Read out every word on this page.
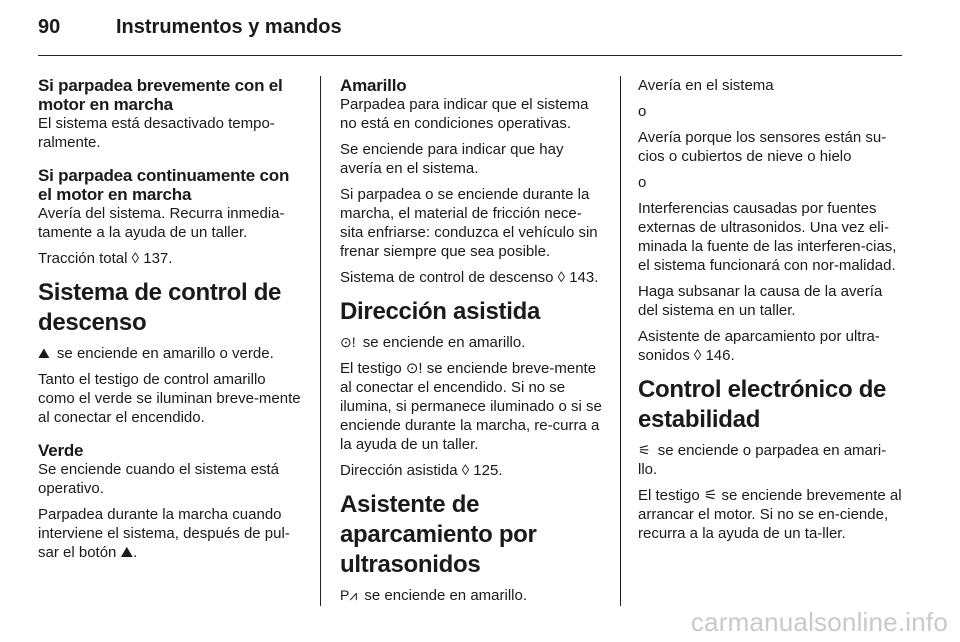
90	Instrumentos y mandos
Si parpadea brevemente con el motor en marcha

El sistema está desactivado tempo-ralmente.

Si parpadea continuamente con el motor en marcha

Avería del sistema. Recurra inmedia-tamente a la ayuda de un taller.

Tracción total ◊ 137.

Sistema de control de descenso

⛰ se enciende en amarillo o verde.

Tanto el testigo de control amarillo como el verde se iluminan breve-mente al conectar el encendido.

Verde

Se enciende cuando el sistema está operativo.

Parpadea durante la marcha cuando interviene el sistema, después de pul-sar el botón ⛰.

Amarillo

Parpadea para indicar que el sistema no está en condiciones operativas.

Se enciende para indicar que hay avería en el sistema.

Si parpadea o se enciende durante la marcha, el material de fricción nece-sita enfriarse: conduzca el vehículo sin frenar siempre que sea posible.

Sistema de control de descenso ◊ 143.

Dirección asistida

⊙! se enciende en amarillo.

El testigo ⊙! se enciende breve-mente al conectar el encendido. Si no se ilumina, si permanece iluminado o si se enciende durante la marcha, re-curra a la ayuda de un taller.

Dirección asistida ◊ 125.

Asistente de aparcamiento por ultrasonidos

P⩘ se enciende en amarillo.

Avería en el sistema

o

Avería porque los sensores están su-cios o cubiertos de nieve o hielo

o

Interferencias causadas por fuentes externas de ultrasonidos. Una vez eli-minada la fuente de las interferen-cias, el sistema funcionará con nor-malidad.

Haga subsanar la causa de la avería del sistema en un taller.

Asistente de aparcamiento por ultra-sonidos ◊ 146.

Control electrónico de estabilidad

⚟ se enciende o parpadea en amari-llo.

El testigo ⚟ se enciende brevemente al arrancar el motor. Si no se en-ciende, recurra a la ayuda de un ta-ller.

carmanualsonline.info
